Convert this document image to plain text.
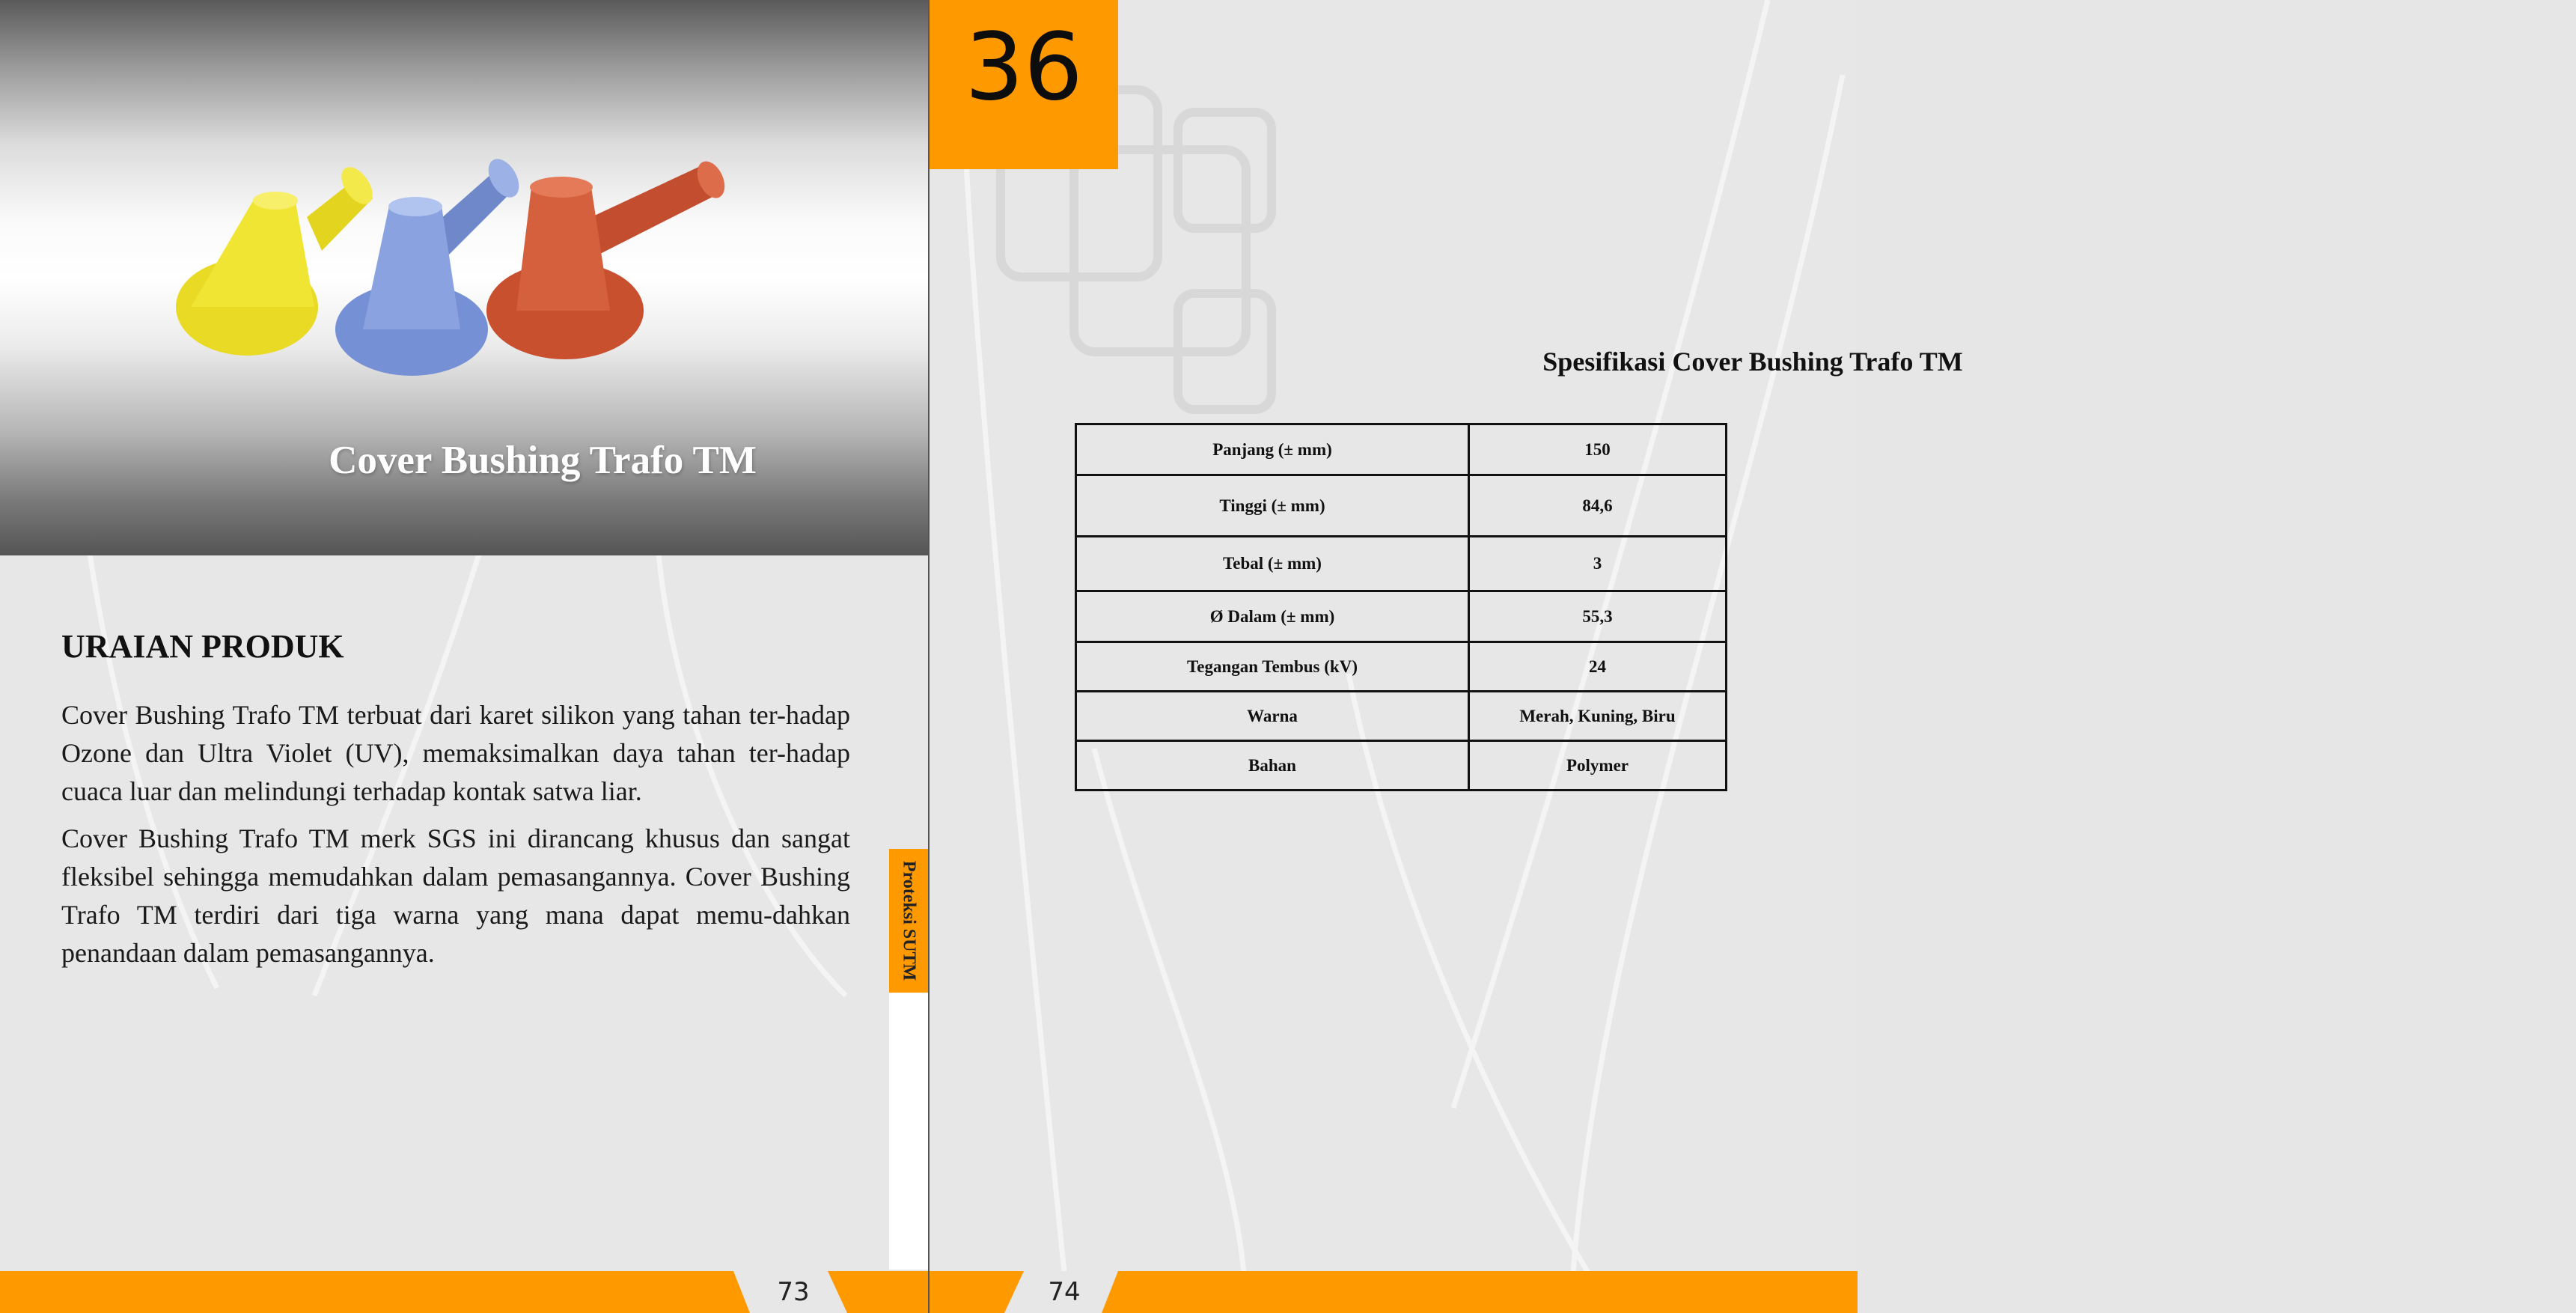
Cover Bushing Trafo TM
URAIAN PRODUK
Cover Bushing Trafo TM terbuat dari karet silikon yang tahan ter-hadap Ozone dan Ultra Violet (UV), memaksimalkan daya tahan ter-hadap cuaca luar dan melindungi terhadap kontak satwa liar.
Cover Bushing Trafo TM merk SGS ini dirancang khusus dan sangat fleksibel sehingga memudahkan dalam pemasangannya. Cover Bushing Trafo TM terdiri dari tiga warna yang mana dapat memu-dahkan penandaan dalam pemasangannya.	Proteksi SUTM
73
36
Spesifikasi Cover Bushing Trafo TM
Panjang (± mm)	150
Tinggi (± mm)	84,6
Tebal (± mm)	3
Ø Dalam (± mm)	55,3
Tegangan Tembus (kV)	24
Warna	Merah, Kuning, Biru
Bahan	Polymer
74
